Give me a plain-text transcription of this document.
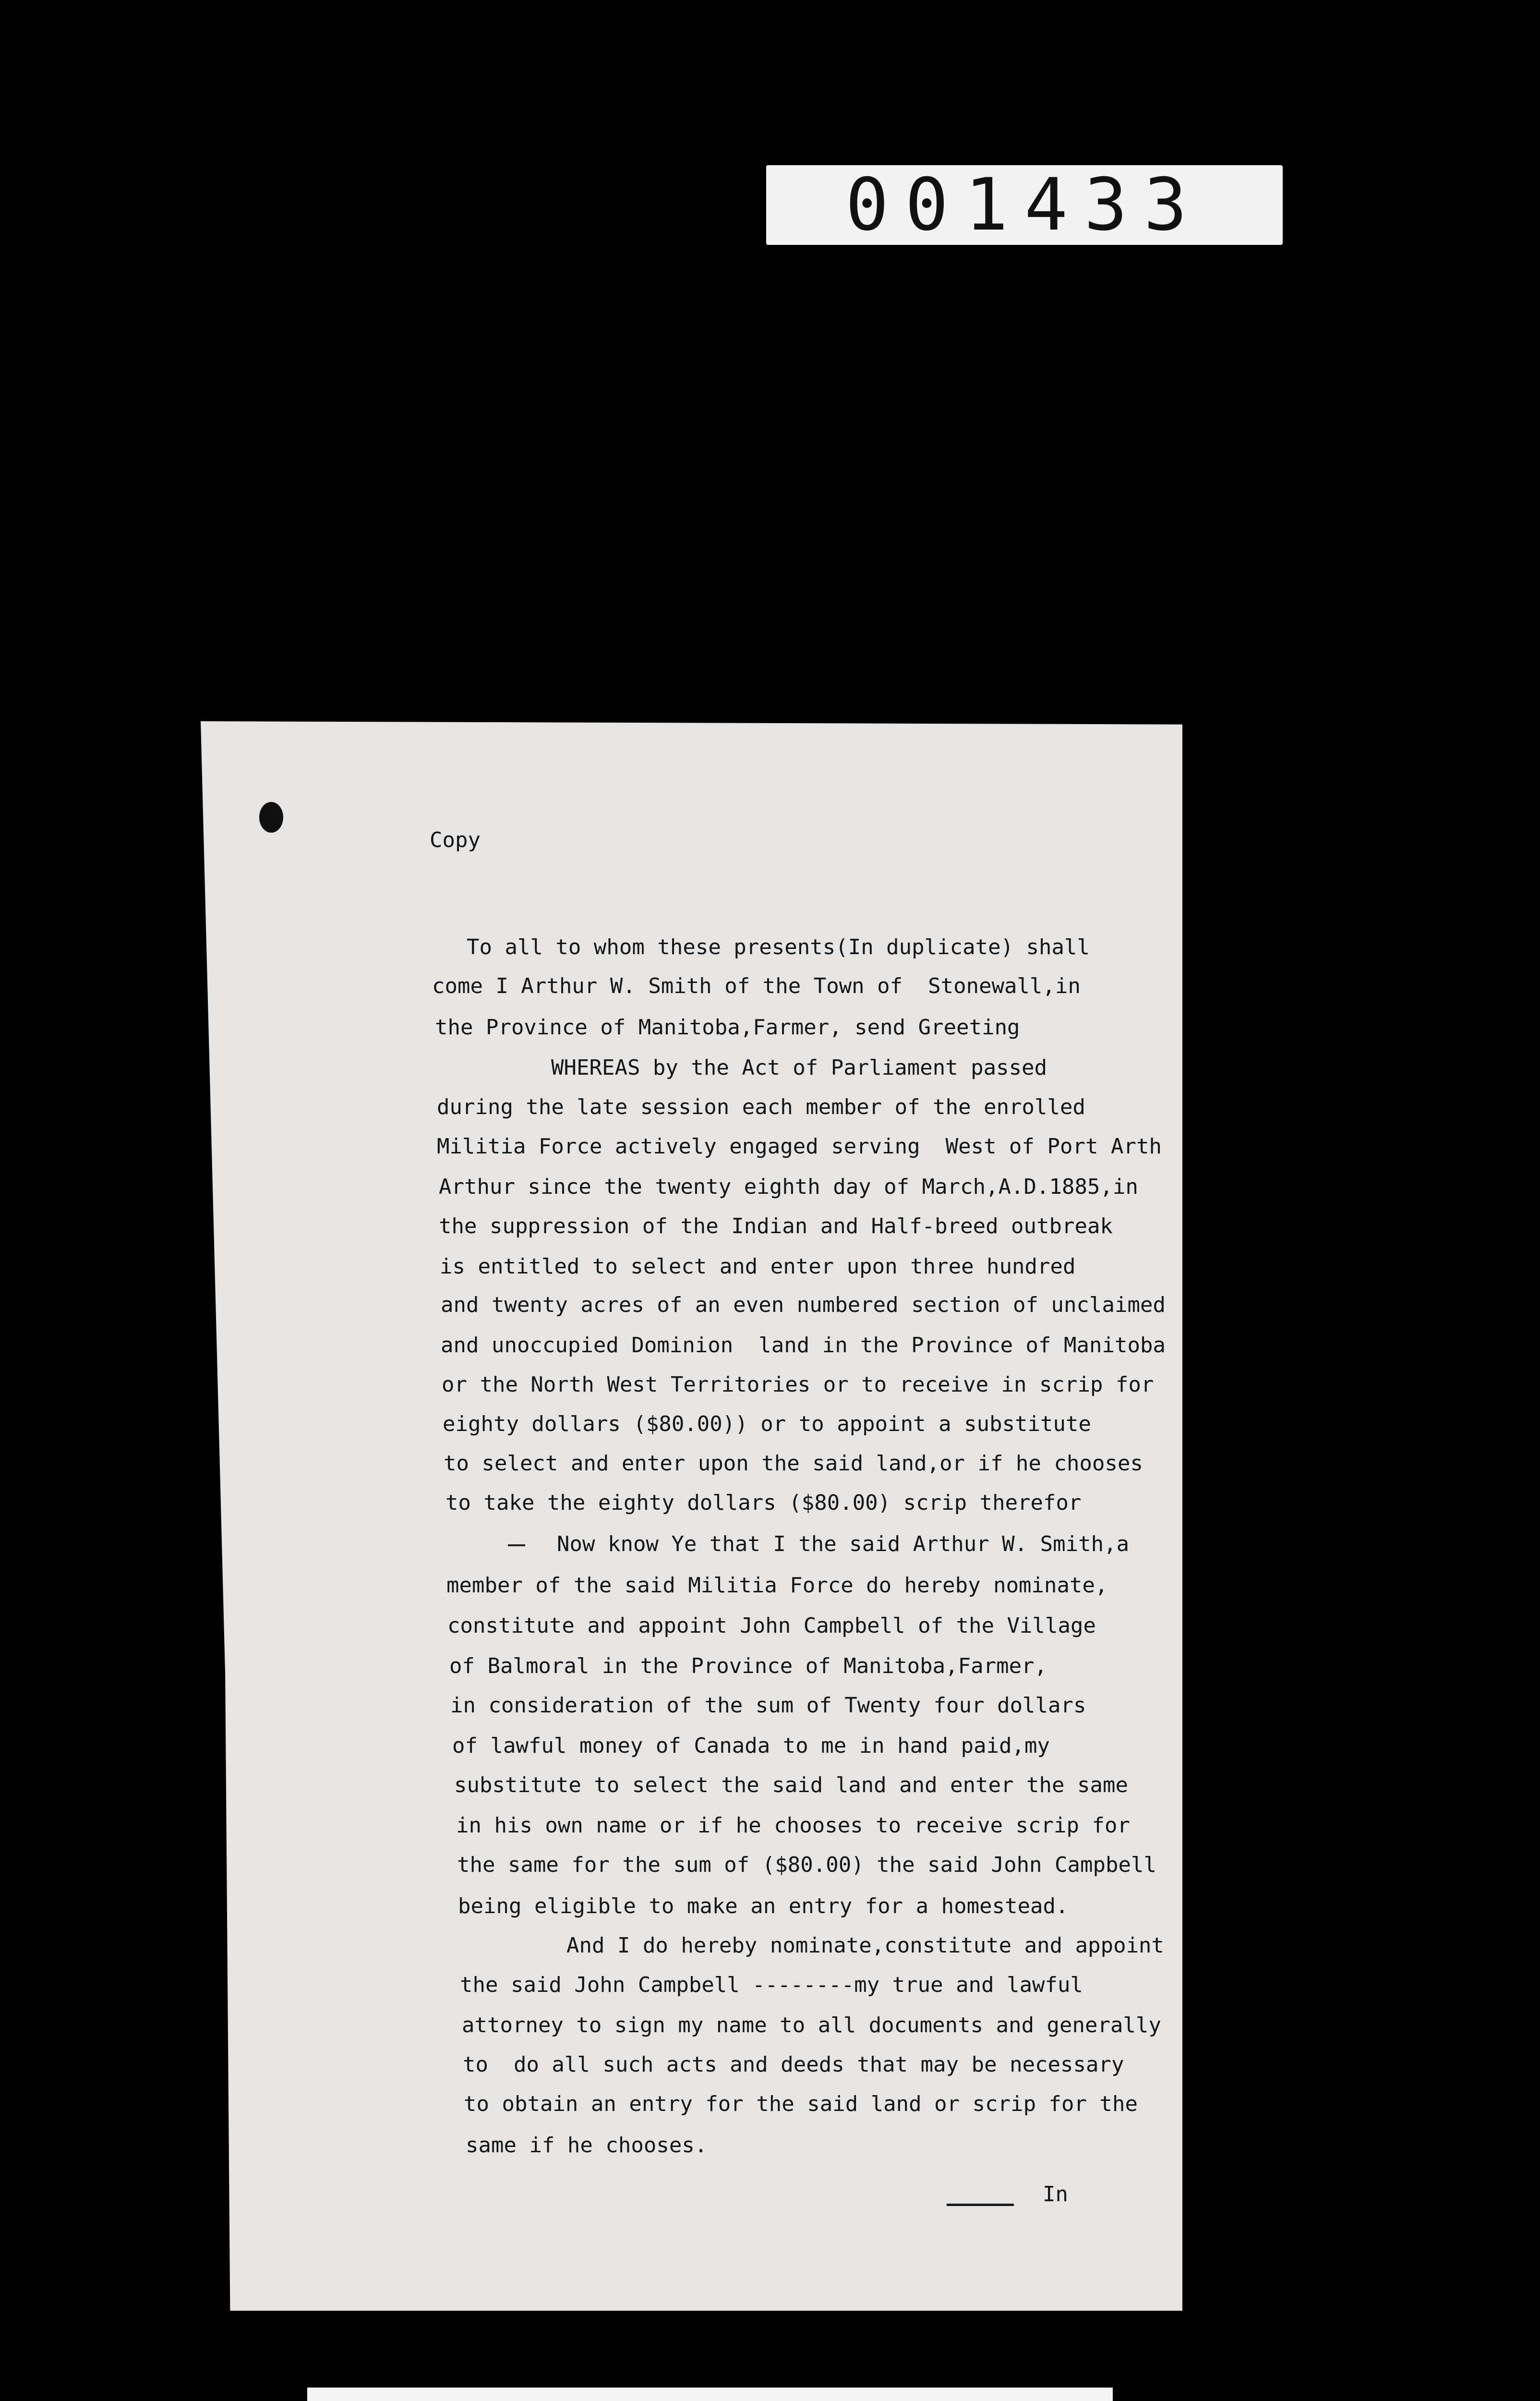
001433
Copy
To all to whom these presents(In duplicate) shall
come I Arthur W. Smith of the Town of  Stonewall,in
the Province of Manitoba,Farmer, send Greeting
WHEREAS by the Act of Parliament passed
during the late session each member of the enrolled
Militia Force actively engaged serving  West of Port Arth
Arthur since the twenty eighth day of March,A.D.1885,in
the suppression of the Indian and Half-breed outbreak
is entitled to select and enter upon three hundred
and twenty acres of an even numbered section of unclaimed
and unoccupied Dominion  land in the Province of Manitoba
or the North West Territories or to receive in scrip for
eighty dollars ($80.00)) or to appoint a substitute
to select and enter upon the said land,or if he chooses
to take the eighty dollars ($80.00) scrip therefor
Now know Ye that I the said Arthur W. Smith,a
member of the said Militia Force do hereby nominate,
constitute and appoint John Campbell of the Village
of Balmoral in the Province of Manitoba,Farmer,
in consideration of the sum of Twenty four dollars
of lawful money of Canada to me in hand paid,my
substitute to select the said land and enter the same
in his own name or if he chooses to receive scrip for
the same for the sum of ($80.00) the said John Campbell
being eligible to make an entry for a homestead.
And I do hereby nominate,constitute and appoint
the said John Campbell --------my true and lawful
attorney to sign my name to all documents and generally
to  do all such acts and deeds that may be necessary
to obtain an entry for the said land or scrip for the
same if he chooses.
In
